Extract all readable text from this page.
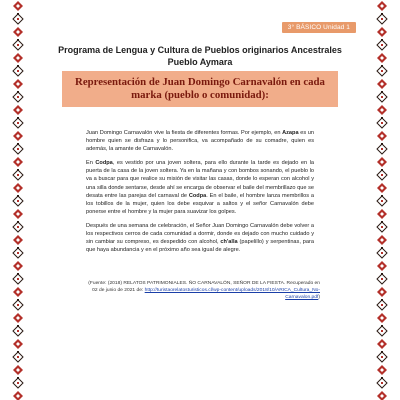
3° BÁSICO Unidad 1
Programa de Lengua y Cultura de Pueblos originarios Ancestrales
Pueblo Aymara
Representación de Juan Domingo Carnavalón en cada marka (pueblo o comunidad):

Juan Domingo Carnavalón vive la fiesta de diferentes formas. Por ejemplo, en Azapa es un hombre quien se disfraza y lo personifica, va acompañado de su comadre, quien es además, la amante de Carnavalón.

En Codpa, es vestido por una joven soltera, para ello durante la tarde es dejado en la puerta de la casa de la joven soltera. Ya en la mañana y con bombos sonando, el pueblo lo va a buscar para que realice su misión de visitar las casas, donde lo esperan con alcohol y una silla donde sentarse, desde ahí se encarga de observar el baile del membrillazo que se desata entre las parejas del carnaval de Codpa. En el baile, el hombre lanza membrillos a los tobillos de la mujer, quien los debe esquivar a saltos y el señor Carnavalón debe ponerse entre el hombre y la mujer para suavizar los golpes.

Después de una semana de celebración, el Señor Juan Domingo Carnavalón debe volver a los respectivos cerros de cada comunidad a dormir, donde es dejado con mucho cuidado y sin cambiar su compreso, es despedido con alcohol, ch'alla (papelillo) y serpentinas, para que haya abundancia y en el próximo año sea igual de alegre.

(Fuente: (2018) RELATOS PATRIMONIALES. ÑO CARNAVALÓN, SEÑOR DE LA FIESTA. Recuperado en 02 de junio de 2021 de: http://turistaorelatosturisticos.cl/wp-content/uploads/2018/10/ARICA_Cultura_No-Carnavalon.pdf)
